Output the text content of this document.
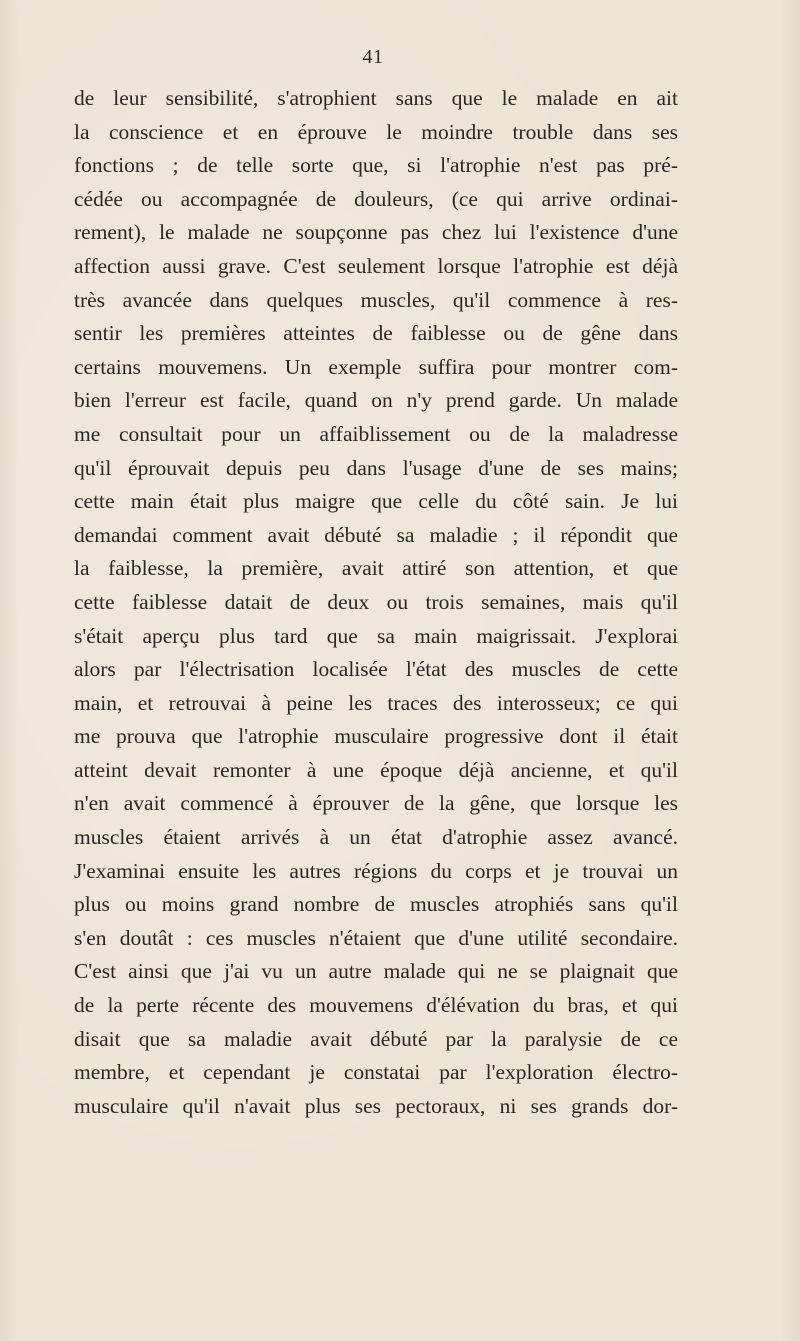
41
de leur sensibilité, s'atrophient sans que le malade en ait
la conscience et en éprouve le moindre trouble dans ses
fonctions ; de telle sorte que, si l'atrophie n'est pas pré-
cédée ou accompagnée de douleurs, (ce qui arrive ordinai-
rement), le malade ne soupçonne pas chez lui l'existence d'une
affection aussi grave. C'est seulement lorsque l'atrophie est déjà
très avancée dans quelques muscles, qu'il commence à res-
sentir les premières atteintes de faiblesse ou de gêne dans
certains mouvemens. Un exemple suffira pour montrer com-
bien l'erreur est facile, quand on n'y prend garde. Un malade
me consultait pour un affaiblissement ou de la maladresse
qu'il éprouvait depuis peu dans l'usage d'une de ses mains;
cette main était plus maigre que celle du côté sain. Je lui
demandai comment avait débuté sa maladie ; il répondit que
la faiblesse, la première, avait attiré son attention, et que
cette faiblesse datait de deux ou trois semaines, mais qu'il
s'était aperçu plus tard que sa main maigrissait. J'explorai
alors par l'électrisation localisée l'état des muscles de cette
main, et retrouvai à peine les traces des interosseux; ce qui
me prouva que l'atrophie musculaire progressive dont il était
atteint devait remonter à une époque déjà ancienne, et qu'il
n'en avait commencé à éprouver de la gêne, que lorsque les
muscles étaient arrivés à un état d'atrophie assez avancé.
J'examinai ensuite les autres régions du corps et je trouvai un
plus ou moins grand nombre de muscles atrophiés sans qu'il
s'en doutât : ces muscles n'étaient que d'une utilité secondaire.
C'est ainsi que j'ai vu un autre malade qui ne se plaignait que
de la perte récente des mouvemens d'élévation du bras, et qui
disait que sa maladie avait débuté par la paralysie de ce
membre, et cependant je constatai par l'exploration électro-
musculaire qu'il n'avait plus ses pectoraux, ni ses grands dor-
